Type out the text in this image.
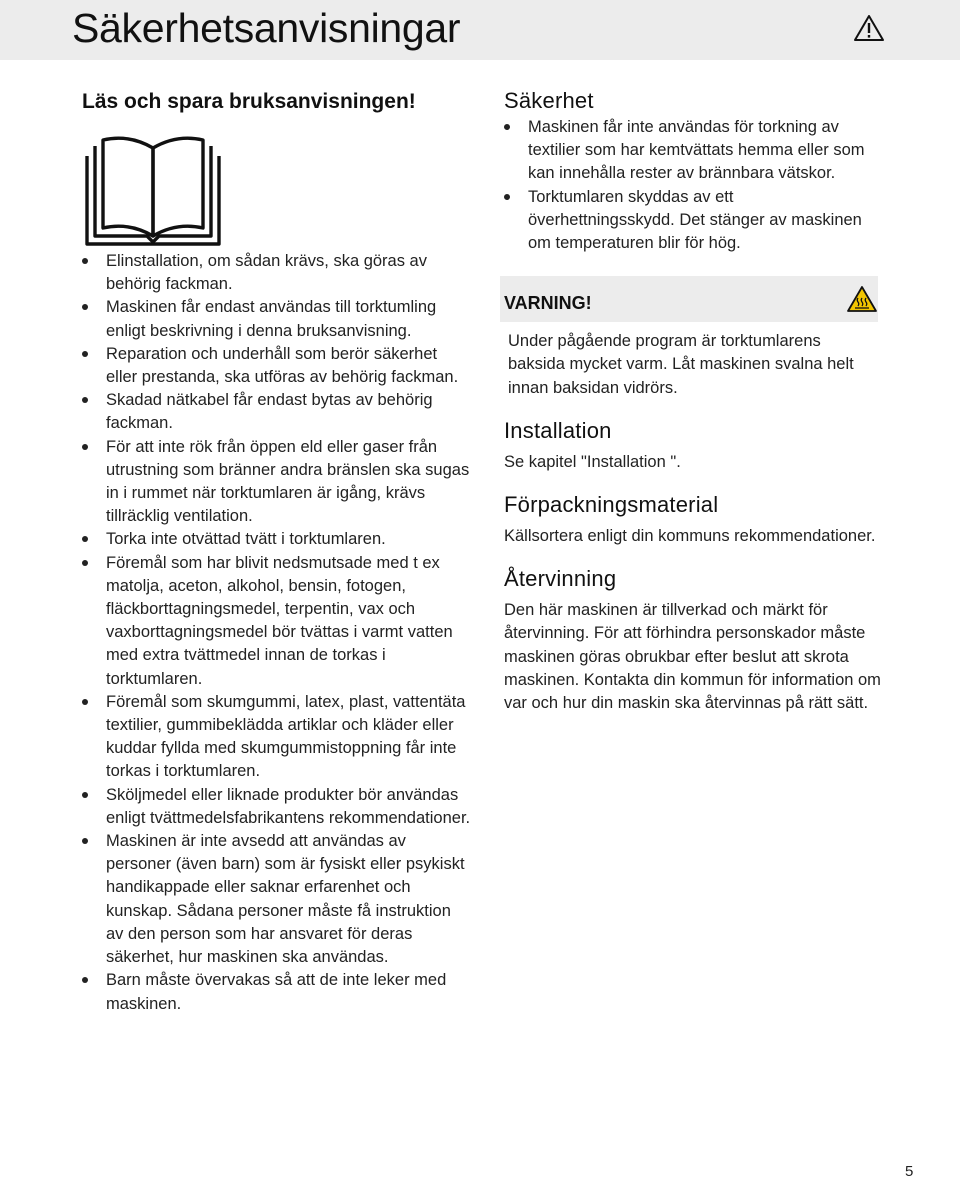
Säkerhetsanvisningar
Läs och spara bruksanvisningen!
Elinstallation, om sådan krävs, ska göras av behörig fackman.
Maskinen får endast användas till torktumling enligt beskrivning i denna bruksanvisning.
Reparation och underhåll som berör säkerhet eller prestanda, ska utföras av behörig fackman.
Skadad nätkabel får endast bytas av behörig fackman.
För att inte rök från öppen eld eller gaser från utrustning som bränner andra bränslen ska sugas in i rummet när torktumlaren är igång, krävs tillräcklig ventilation.
Torka inte otvättad tvätt i torktumlaren.
Föremål som har blivit nedsmutsade med t ex matolja, aceton, alkohol, bensin, fotogen, fläckborttagningsmedel, terpentin, vax och vaxborttagningsmedel bör tvättas i varmt vatten med extra tvättmedel innan de torkas i torktumlaren.
Föremål som skumgummi, latex, plast, vattentäta textilier, gummibeklädda artiklar och kläder eller kuddar fyllda med skumgummistoppning får inte torkas i torktumlaren.
Sköljmedel eller liknade produkter bör användas enligt tvättmedelsfabrikantens rekommendationer.
Maskinen är inte avsedd att användas av personer (även barn) som är fysiskt eller psykiskt handikappade eller saknar erfarenhet och kunskap. Sådana personer måste få instruktion av den person som har ansvaret för deras säkerhet, hur maskinen ska användas.
Barn måste övervakas så att de inte leker med maskinen.
Säkerhet
Maskinen får inte användas för torkning av textilier som har kemtvättats hemma eller som kan innehålla rester av brännbara vätskor.
Torktumlaren skyddas av ett överhettningsskydd. Det stänger av maskinen om temperaturen blir för hög.

VARNING!

Under pågående program är torktumlarens baksida mycket varm. Låt maskinen svalna helt innan baksidan vidrörs.

Installation

Se kapitel "Installation ".

Förpackningsmaterial

Källsortera enligt din kommuns rekommendationer.

Återvinning

Den här maskinen är tillverkad och märkt för återvinning. För att förhindra personskador måste maskinen göras obrukbar efter beslut att skrota maskinen. Kontakta din kommun för information om var och hur din maskin ska återvinnas på rätt sätt.

5
